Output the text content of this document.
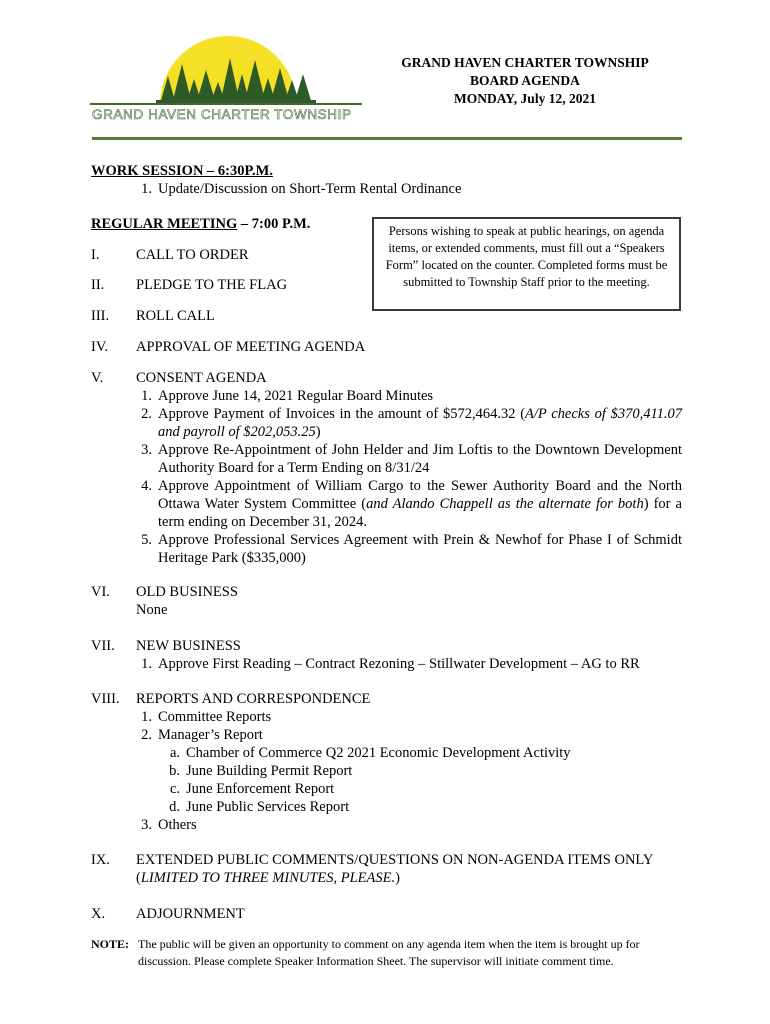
GRAND HAVEN CHARTER TOWNSHIP
GRAND HAVEN CHARTER TOWNSHIP
BOARD AGENDA
MONDAY, July 12, 2021
WORK SESSION – 6:30P.M.
1. Update/Discussion on Short-Term Rental Ordinance
REGULAR MEETING – 7:00 P.M.	Persons wishing to speak at public hearings, on agenda items, or extended comments, must fill out a “Speakers Form” located on the counter. Completed forms must be submitted to Township Staff prior to the meeting.
I.	CALL TO ORDER
II. PLEDGE TO THE FLAG
III. ROLL CALL
IV. APPROVAL OF MEETING AGENDA
V. CONSENT AGENDA
1. Approve June 14, 2021 Regular Board Minutes
2. Approve Payment of Invoices in the amount of $572,464.32 (A/P checks of $370,411.07 and payroll of $202,053.25)
3. Approve Re-Appointment of John Helder and Jim Loftis to the Downtown Development Authority Board for a Term Ending on 8/31/24
4. Approve Appointment of William Cargo to the Sewer Authority Board and the North Ottawa Water System Committee (and Alando Chappell as the alternate for both) for a term ending on December 31, 2024.
5. Approve Professional Services Agreement with Prein & Newhof for Phase I of Schmidt Heritage Park ($335,000)
VI. OLD BUSINESS
None
VII. NEW BUSINESS
1. Approve First Reading – Contract Rezoning – Stillwater Development – AG to RR
VIII. REPORTS AND CORRESPONDENCE
1. Committee Reports
2. Manager’s Report
a. Chamber of Commerce Q2 2021 Economic Development Activity
b. June Building Permit Report
c. June Enforcement Report
d. June Public Services Report
3. Others
IX. EXTENDED PUBLIC COMMENTS/QUESTIONS ON NON-AGENDA ITEMS ONLY
(LIMITED TO THREE MINUTES, PLEASE.)
X. ADJOURNMENT
NOTE: The public will be given an opportunity to comment on any agenda item when the item is brought up for discussion. Please complete Speaker Information Sheet. The supervisor will initiate comment time.
